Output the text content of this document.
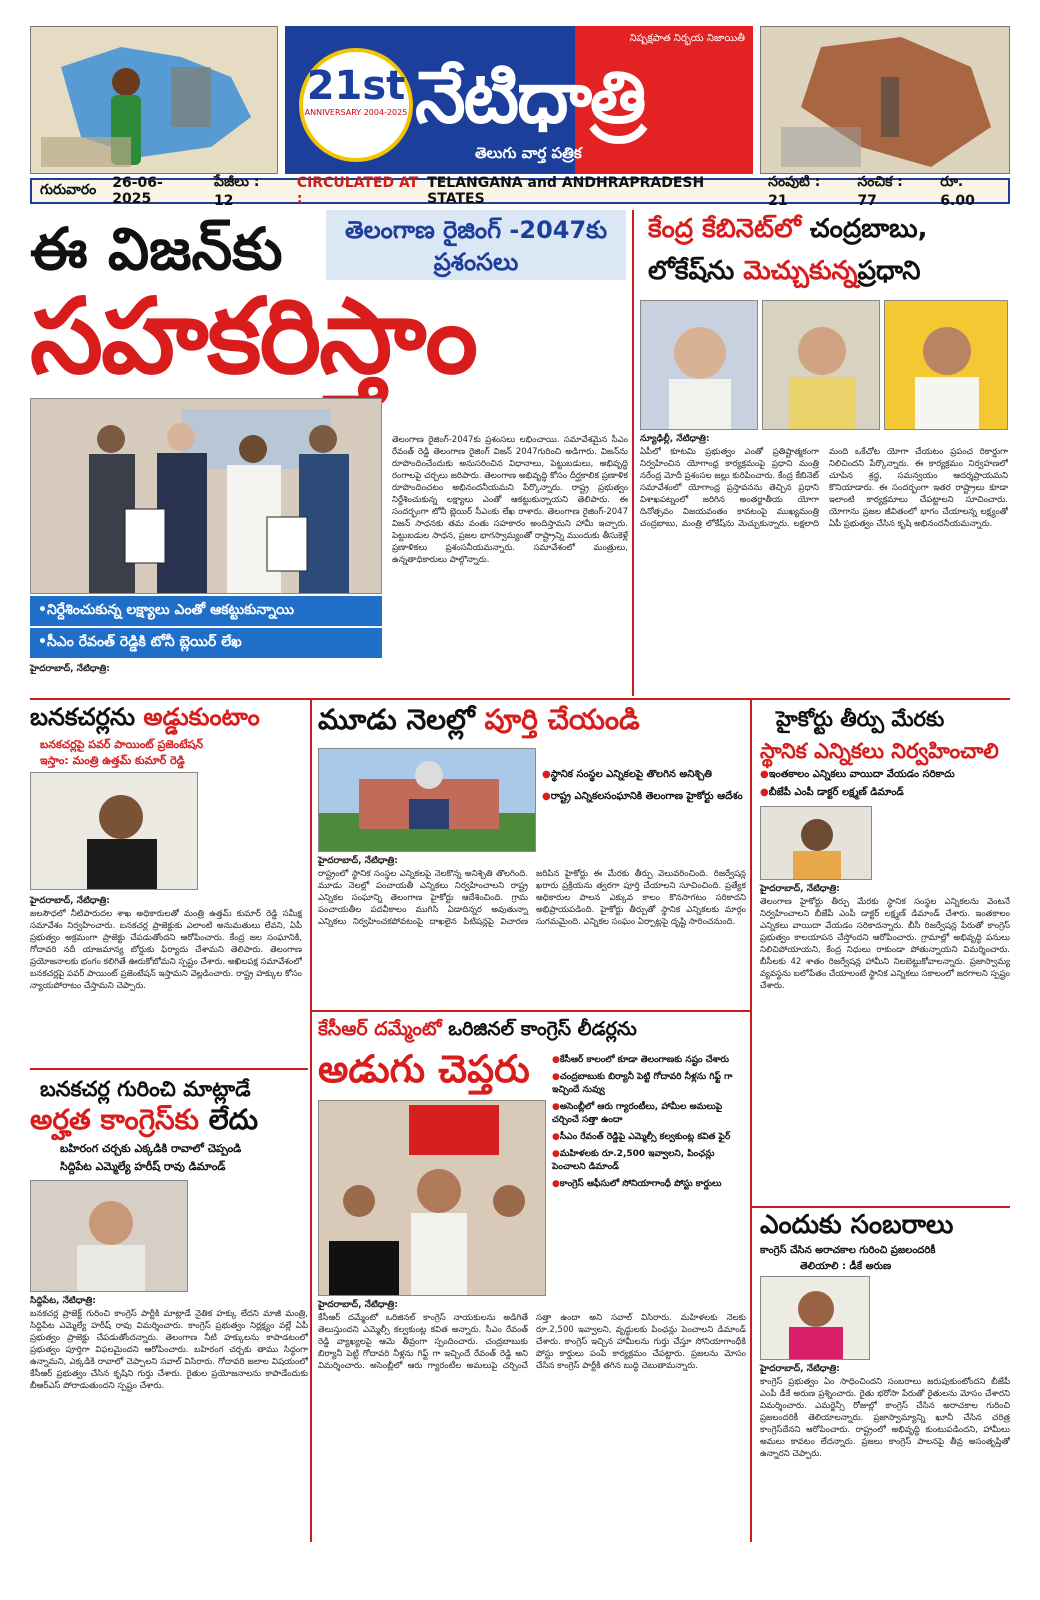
21st
ANNIVERSARY 2004-2025 నేటిధాత్రి
తెలుగు వార్త పత్రిక
నిష్పక్షపాత నిర్భయ నిజాయితీ
గురువారం	26-06-2025
పేజీలు : 12
CIRCULATED AT :
TELANGANA and ANDHRAPRADESH STATES
సంపుటి : 21
సంచిక : 77
రూ. 6.00
ఈ విజన్‌కు	తెలంగాణ రైజింగ్ -2047కు ప్రశంసలు
సహకరిస్తాం
•నిర్దేశించుకున్న లక్ష్యాలు ఎంతో ఆకట్టుకున్నాయి
•సీఎం రేవంత్ రెడ్డికి టోనీ బ్లెయిర్ లేఖ
హైదరాబాద్, నేటిధాత్రి:
తెలంగాణ రైజింగ్-2047కు ప్రశంసలు లభించాయి. సమావేశమైన సీఎం రేవంత్ రెడ్డి తెలంగాణ రైజింగ్ విజన్ 2047గురించి అడిగారు. విజన్‌ను రూపొందించేందుకు అనుసరించిన విధానాలు, పెట్టుబడులు, అభివృద్ధి రంగాలపై చర్చలు జరిపారు. తెలంగాణ అభివృద్ధి కోసం దీర్ఘకాలిక ప్రణాళిక రూపొందించటం అభినందనీయమని పేర్కొన్నారు. రాష్ట్ర ప్రభుత్వం నిర్దేశించుకున్న లక్ష్యాలు ఎంతో ఆకట్టుకున్నాయని తెలిపారు. ఈ సందర్భంగా టోనీ బ్లెయిర్ సీఎంకు లేఖ రాశారు. తెలంగాణ రైజింగ్-2047 విజన్ సాధనకు తమ వంతు సహకారం అందిస్తామని హామీ ఇచ్చారు. పెట్టుబడుల సాధన, ప్రజల భాగస్వామ్యంతో రాష్ట్రాన్ని ముందుకు తీసుకెళ్లే ప్రణాళికలు ప్రశంసనీయమన్నారు. సమావేశంలో మంత్రులు, ఉన్నతాధికారులు పాల్గొన్నారు.
కేంద్ర కేబినెట్‌లో చంద్రబాబు,
లోకేష్‌ను మెచ్చుకున్నప్రధాని
న్యూఢిల్లీ, నేటిధాత్రి:
ఏపీలో కూటమి ప్రభుత్వం ఎంతో ప్రతిష్టాత్మకంగా నిర్వహించిన యోగాంధ్ర కార్యక్రమంపై ప్రధాని మంత్రి నరేంద్ర మోదీ ప్రశంసల జల్లు కురిపించారు. కేంద్ర కేబినెట్ సమావేశంలో యోగాంధ్ర ప్రస్తావనను తెచ్చిన ప్రధాని విశాఖపట్నంలో జరిగిన అంతర్జాతీయ యోగా దినోత్సవం విజయవంతం కావటంపై ముఖ్యమంత్రి చంద్రబాబు, మంత్రి లోకేష్‌ను మెచ్చుకున్నారు. లక్షలాది మంది ఒకేచోట యోగా చేయటం ప్రపంచ రికార్డుగా నిలిచిందని పేర్కొన్నారు. ఈ కార్యక్రమం నిర్వహణలో చూపిన శ్రద్ధ, సమన్వయం ఆదర్శప్రాయమని కొనియాడారు. ఈ సందర్భంగా ఇతర రాష్ట్రాలు కూడా ఇలాంటి కార్యక్రమాలు చేపట్టాలని సూచించారు. యోగాను ప్రజల జీవితంలో భాగం చేయాలన్న లక్ష్యంతో ఏపీ ప్రభుత్వం చేసిన కృషి అభినందనీయమన్నారు.
బనకచర్లను అడ్డుకుంటాం
బనకచర్లపై పవర్ పాయింట్ ప్రజెంటేషన్
ఇస్తాం: మంత్రి ఉత్తమ్ కుమార్ రెడ్డి
హైదరాబాద్, నేటిధాత్రి:
జలసౌధలో నీటిపారుదల శాఖ అధికారులతో మంత్రి ఉత్తమ్ కుమార్ రెడ్డి సమీక్ష సమావేశం నిర్వహించారు. బనకచర్ల ప్రాజెక్టుకు ఎలాంటి అనుమతులు లేవని, ఏపీ ప్రభుత్వం అక్రమంగా ప్రాజెక్టు చేపడుతోందని ఆరోపించారు. కేంద్ర జల సంఘానికి, గోదావరి నదీ యాజమాన్య బోర్డుకు ఫిర్యాదు చేశామని తెలిపారు. తెలంగాణ ప్రయోజనాలకు భంగం కలిగితే ఊరుకోబోమని స్పష్టం చేశారు. అఖిలపక్ష సమావేశంలో బనకచర్లపై పవర్ పాయింట్ ప్రజెంటేషన్ ఇస్తామని వెల్లడించారు. రాష్ట్ర హక్కుల కోసం న్యాయపోరాటం చేస్తామని చెప్పారు.
బనకచర్ల గురించి మాట్లాడే
అర్హత కాంగ్రెస్‌కు లేదు
బహిరంగ చర్చకు ఎక్కడికి రావాలో చెప్పండి
సిద్దిపేట ఎమ్మెల్యే హరీష్ రావు డిమాండ్
సిద్దిపేట, నేటిధాత్రి:
బనకచర్ల ప్రాజెక్ట్ గురించి కాంగ్రెస్ పార్టీకి మాట్లాడే నైతిక హక్కు లేదని మాజీ మంత్రి, సిద్దిపేట ఎమ్మెల్యే హరీష్ రావు విమర్శించారు. కాంగ్రెస్ ప్రభుత్వం నిర్లక్ష్యం వల్లే ఏపీ ప్రభుత్వం ప్రాజెక్టు చేపడుతోందన్నారు. తెలంగాణ నీటి హక్కులను కాపాడటంలో ప్రభుత్వం పూర్తిగా విఫలమైందని ఆరోపించారు. బహిరంగ చర్చకు తాము సిద్ధంగా ఉన్నామని, ఎక్కడికి రావాలో చెప్పాలని సవాల్ విసిరారు. గోదావరి జలాల విషయంలో కేసీఆర్ ప్రభుత్వం చేసిన కృషిని గుర్తు చేశారు. రైతుల ప్రయోజనాలను కాపాడేందుకు బీఆర్ఎస్ పోరాడుతుందని స్పష్టం చేశారు.
మూడు నెలల్లో పూర్తి చేయండి
● స్థానిక సంస్థల ఎన్నికలపై తొలగిన అనిశ్చితి
● రాష్ట్ర ఎన్నికలసంఘానికి తెలంగాణ హైకోర్టు ఆదేశం
హైదరాబాద్, నేటిధాత్రి:
రాష్ట్రంలో స్థానిక సంస్థల ఎన్నికలపై నెలకొన్న అనిశ్చితి తొలగింది. మూడు నెలల్లో పంచాయతీ ఎన్నికలు నిర్వహించాలని రాష్ట్ర ఎన్నికల సంఘాన్ని తెలంగాణ హైకోర్టు ఆదేశించింది. గ్రామ పంచాయతీల పదవీకాలం ముగిసి ఏడాదిన్నర అవుతున్నా ఎన్నికలు నిర్వహించకపోవటంపై దాఖలైన పిటిషన్లపై విచారణ జరిపిన హైకోర్టు ఈ మేరకు తీర్పు వెలువరించింది. రిజర్వేషన్ల ఖరారు ప్రక్రియను త్వరగా పూర్తి చేయాలని సూచించింది. ప్రత్యేక అధికారుల పాలన ఎక్కువ కాలం కొనసాగటం సరికాదని అభిప్రాయపడింది. హైకోర్టు తీర్పుతో స్థానిక ఎన్నికలకు మార్గం సుగమమైంది. ఎన్నికల సంఘం ఏర్పాట్లపై దృష్టి సారించనుంది.
కేసీఆర్ దమ్మేంటో ఒరిజినల్ కాంగ్రెస్ లీడర్లను
అడుగు చెప్తరు
●	కేసీఆర్ కాలంలో కూడా తెలంగాణకు నష్టం చేశారు
● చంద్రబాబుకు బిర్యానీ పెట్టి గోదావరి నీళ్లను గిఫ్ట్ గా ఇచ్చిందే నువ్వు
● అసెంబ్లీలో ఆరు గ్యారంటీలు, హామీల అమలుపై చర్చించే సత్తా ఉందా
● సీఎం రేవంత్ రెడ్డిపై ఎమ్మెల్సీ కల్వకుంట్ల కవిత ఫైర్
● మహిళలకు రూ.2,500 ఇవ్వాలని, పింఛన్లు పెంచాలని డిమాండ్
● కాంగ్రెస్ ఆఫీసులో సోనియాగాంధీ పోస్టు కార్డులు
హైదరాబాద్, నేటిధాత్రి:
కేసీఆర్ దమ్మేంటో ఒరిజినల్ కాంగ్రెస్ నాయకులను అడిగితే తెలుస్తుందని ఎమ్మెల్సీ కల్వకుంట్ల కవిత అన్నారు. సీఎం రేవంత్ రెడ్డి వ్యాఖ్యలపై ఆమె తీవ్రంగా స్పందించారు. చంద్రబాబుకు బిర్యానీ పెట్టి గోదావరి నీళ్లను గిఫ్ట్ గా ఇచ్చిందే రేవంత్ రెడ్డి అని విమర్శించారు. అసెంబ్లీలో ఆరు గ్యారంటీల అమలుపై చర్చించే సత్తా ఉందా అని సవాల్ విసిరారు. మహిళలకు నెలకు రూ.2,500 ఇవ్వాలని, వృద్ధులకు పింఛన్లు పెంచాలని డిమాండ్ చేశారు. కాంగ్రెస్ ఇచ్చిన హామీలను గుర్తు చేస్తూ సోనియాగాంధీకి పోస్టు కార్డులు పంపే కార్యక్రమం చేపట్టారు. ప్రజలను మోసం చేసిన కాంగ్రెస్ పార్టీకి తగిన బుద్ధి చెబుతామన్నారు.
హైకోర్టు తీర్పు మేరకు
స్థానిక ఎన్నికలు నిర్వహించాలి
● ఇంతకాలం ఎన్నికలు వాయిదా వేయడం సరికాదు
● బీజేపీ ఎంపీ డాక్టర్ లక్ష్మణ్ డిమాండ్
హైదరాబాద్, నేటిధాత్రి:
తెలంగాణ హైకోర్టు తీర్పు మేరకు స్థానిక సంస్థల ఎన్నికలను వెంటనే నిర్వహించాలని బీజేపీ ఎంపీ డాక్టర్ లక్ష్మణ్ డిమాండ్ చేశారు. ఇంతకాలం ఎన్నికలు వాయిదా వేయడం సరికాదన్నారు. బీసీ రిజర్వేషన్ల పేరుతో కాంగ్రెస్ ప్రభుత్వం కాలయాపన చేస్తోందని ఆరోపించారు. గ్రామాల్లో అభివృద్ధి పనులు నిలిచిపోయాయని, కేంద్ర నిధులు రాకుండా పోతున్నాయని విమర్శించారు. బీసీలకు 42 శాతం రిజర్వేషన్ల హామీని నిలబెట్టుకోవాలన్నారు. ప్రజాస్వామ్య వ్యవస్థను బలోపేతం చేయాలంటే స్థానిక ఎన్నికలు సకాలంలో జరగాలని స్పష్టం చేశారు.
ఎందుకు సంబరాలు
కాంగ్రెస్ చేసిన అరాచకాల గురించి ప్రజలందరికీ
తెలియాలి : డీకే అరుణ
హైదరాబాద్, నేటిధాత్రి:
కాంగ్రెస్ ప్రభుత్వం ఏం సాధించిందని సంబరాలు జరుపుకుంటోందని బీజేపీ ఎంపీ డీకే అరుణ ప్రశ్నించారు. రైతు భరోసా పేరుతో రైతులను మోసం చేశారని విమర్శించారు. ఎమర్జెన్సీ రోజుల్లో కాంగ్రెస్ చేసిన అరాచకాల గురించి ప్రజలందరికీ తెలియాలన్నారు. ప్రజాస్వామ్యాన్ని ఖూనీ చేసిన చరిత్ర కాంగ్రెస్‌దేనని ఆరోపించారు. రాష్ట్రంలో అభివృద్ధి కుంటుపడిందని, హామీలు అమలు కావటం లేదన్నారు. ప్రజలు కాంగ్రెస్ పాలనపై తీవ్ర అసంతృప్తితో ఉన్నారని చెప్పారు.
